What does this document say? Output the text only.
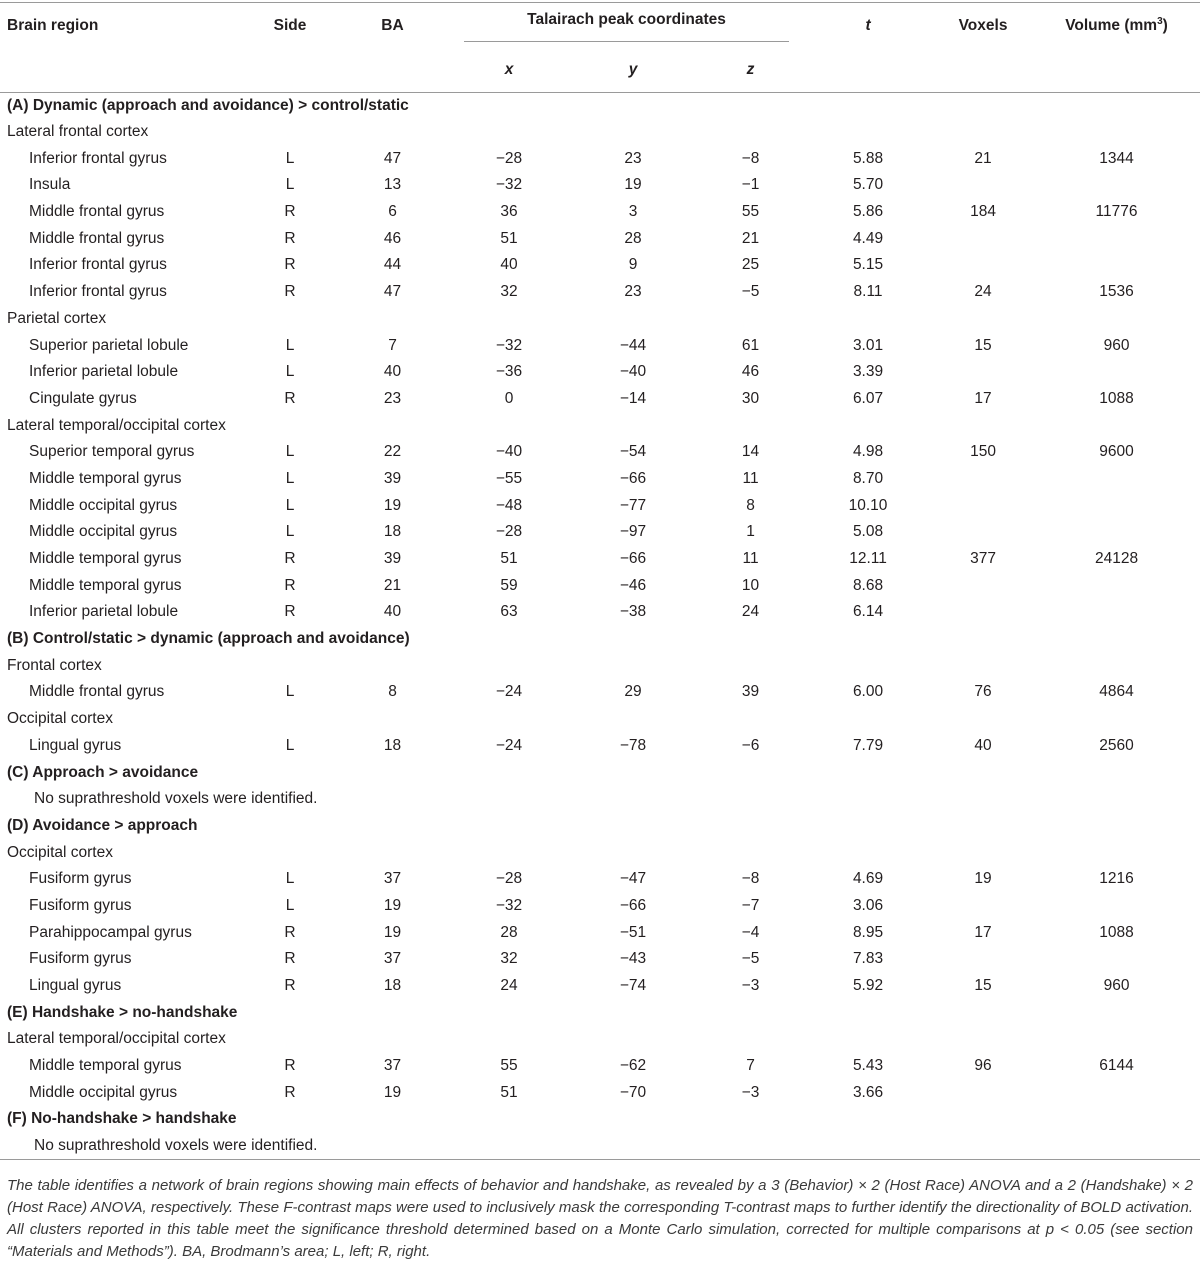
Brain region	Side	BA	Talairach peak coordinates			t	Voxels	Volume $(mm^3)$
			x	y	z			
(A) Dynamic (approach and avoidance) > control/static								
Lateral frontal cortex								
Inferior frontal gyrus	L	47	−28	23	−8	5.88	21	1344
Insula	L	13	−32	19	−1	5.70		
Middle frontal gyrus	R	6	36	3	55	5.86	184	11776
Middle frontal gyrus	R	46	51	28	21	4.49		
Inferior frontal gyrus	R	44	40	9	25	5.15		
Inferior frontal gyrus	R	47	32	23	−5	8.11	24	1536
Parietal cortex								
Superior parietal lobule	L	7	−32	−44	61	3.01	15	960
Inferior parietal lobule	L	40	−36	−40	46	3.39		
Cingulate gyrus	R	23	0	−14	30	6.07	17	1088
Lateral temporal/occipital cortex								
Superior temporal gyrus	L	22	−40	−54	14	4.98	150	9600
Middle temporal gyrus	L	39	−55	−66	11	8.70		
Middle occipital gyrus	L	19	−48	−77	8	10.10		
Middle occipital gyrus	L	18	−28	−97	1	5.08		
Middle temporal gyrus	R	39	51	−66	11	12.11	377	24128
Middle temporal gyrus	R	21	59	−46	10	8.68		
Inferior parietal lobule	R	40	63	−38	24	6.14		
(B) Control/static > dynamic (approach and avoidance)								
Frontal cortex								
Middle frontal gyrus	L	8	−24	29	39	6.00	76	4864
Occipital cortex								
Lingual gyrus	L	18	−24	−78	−6	7.79	40	2560
(C) Approach > avoidance								
No suprathreshold voxels were identified.								
(D) Avoidance > approach								
Occipital cortex								
Fusiform gyrus	L	37	−28	−47	−8	4.69	19	1216
Fusiform gyrus	L	19	−32	−66	−7	3.06		
Parahippocampal gyrus	R	19	28	−51	−4	8.95	17	1088
Fusiform gyrus	R	37	32	−43	−5	7.83		
Lingual gyrus	R	18	24	−74	−3	5.92	15	960
(E) Handshake > no-handshake								
Lateral temporal/occipital cortex								
Middle temporal gyrus	R	37	55	−62	7	5.43	96	6144
Middle occipital gyrus	R	19	51	−70	−3	3.66		
(F) No-handshake > handshake								
No suprathreshold voxels were identified.								
The table identifies a network of brain regions showing main effects of behavior and handshake, as revealed by a 3 (Behavior) × 2 (Host Race) ANOVA and a 2 (Handshake) × 2 (Host Race) ANOVA, respectively. These F-contrast maps were used to inclusively mask the corresponding T-contrast maps to further identify the directionality of BOLD activation. All clusters reported in this table meet the significance threshold determined based on a Monte Carlo simulation, corrected for multiple comparisons at p < 0.05 (see section “Materials and Methods”). BA, Brodmann’s area; L, left; R, right.
